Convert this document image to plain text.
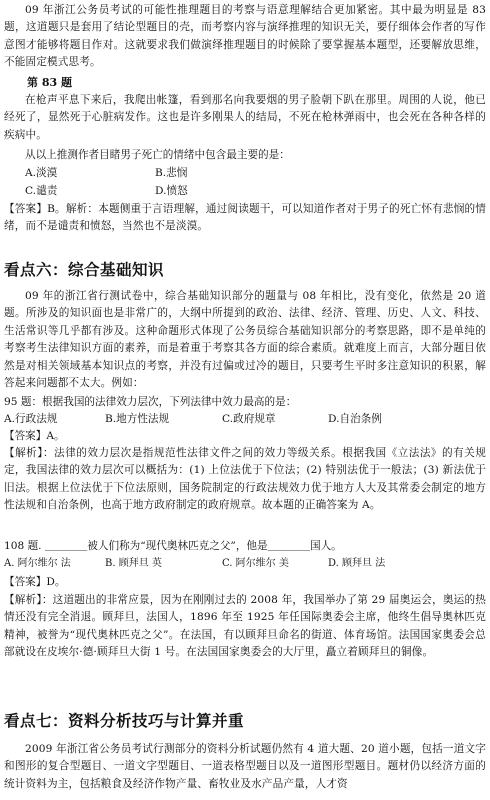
09 年浙江公务员考试的可能性推理题目的考察与语意理解结合更加紧密。其中最为明显是 83 题，这道题只是套用了结论型题目的壳，而考察内容与演绎推理的知识无关，要仔细体会作者的写作意图才能够将题目作对。这就要求我们做演绎推理题目的时候除了要掌握基本题型，还要解放思维，不能固定模式思考。
第 83 题
在枪声平息下来后，我爬出帐篷，看到那名向我要烟的男子脸朝下趴在那里。周围的人说，他已经死了，显然死于心脏病发作。这也是许多刚果人的结局，不死在枪林弹雨中，也会死在各种各样的疾病中。
从以上推测作者目睹男子死亡的情绪中包含最主要的是：
A.淡漠	B.悲悯
C.谴责	D.愤怒
【答案】B。解析：本题侧重于言语理解，通过阅读题干，可以知道作者对于男子的死亡怀有悲悯的情绪，而不是谴责和愤怒，当然也不是淡漠。
看点六：综合基础知识
09 年的浙江省行测试卷中，综合基础知识部分的题量与 08 年相比，没有变化，依然是 20 道题。所涉及的知识面也是非常广的，大纲中所提到的政治、法律、经济、管理、历史、人文、科技、生活常识等几乎都有涉及。这种命题形式体现了公务员综合基础知识部分的考察思路，即不是单纯的考察考生法律知识方面的素养，而是着重于考察其各方面的综合素质。就难度上而言，大部分题目依然是对相关领域基本知识点的考察，并没有过偏或过冷的题目，只要考生平时多注意知识的积累，解答起来问题都不太大。例如：
95 题：根据我国的法律效力层次，下列法律中效力最高的是：
A.行政法规	B.地方性法规	C.政府规章	D.自治条例
【答案】A。
【解析】：法律的效力层次是指规范性法律文件之间的效力等级关系。根据我国《立法法》的有关规定，我国法律的效力层次可以概括为：(1) 上位法优于下位法；(2) 特别法优于一般法；(3) 新法优于旧法。根据上位法优于下位法原则，国务院制定的行政法规效力优于地方人大及其常委会制定的地方性法规和自治条例，也高于地方政府制定的政府规章。故本题的正确答案为 A。
108 题. ＿＿＿＿被人们称为“现代奥林匹克之父”，他是＿＿＿＿国人。
A. 阿尔维尔 法	B. 顾拜旦 英	C. 阿尔维尔 美	D. 顾拜旦 法
【答案】D。
【解析】：这道题出的非常应景，因为在刚刚过去的 2008 年，我国举办了第 29 届奥运会，奥运的热情还没有完全消退。顾拜旦，法国人，1896 年至 1925 年任国际奥委会主席，他终生倡导奥林匹克精神，被誉为“现代奥林匹克之父”。在法国，有以顾拜旦命名的街道、体育场馆。法国国家奥委会总部就设在皮埃尔·德·顾拜旦大街 1 号。在法国国家奥委会的大厅里，矗立着顾拜旦的铜像。
看点七：资料分析技巧与计算并重
2009 年浙江省公务员考试行测部分的资料分析试题仍然有 4 道大题、20 道小题，包括一道文字和图形的复合型题目、一道文字型题目、一道表格型题目以及一道图形型题目。题材仍以经济方面的统计资料为主，包括粮食及经济作物产量、畜牧业及水产品产量，人才资
